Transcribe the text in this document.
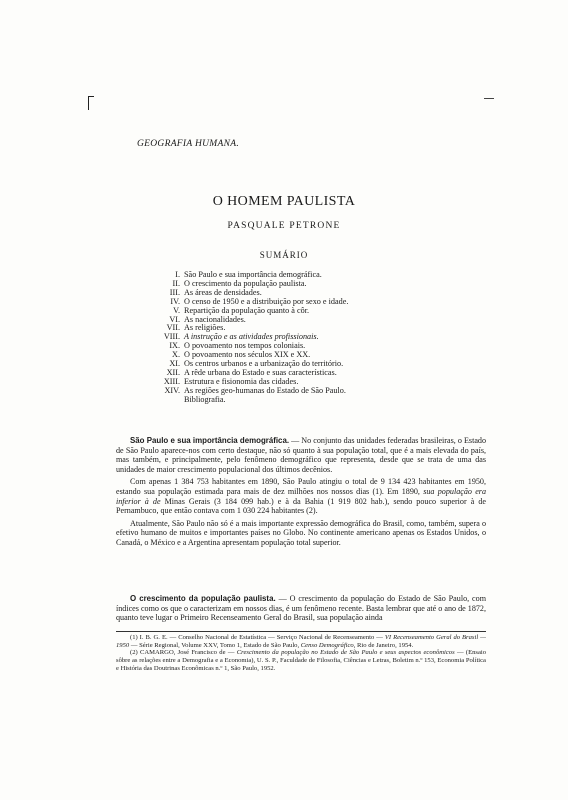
GEOGRAFIA HUMANA.
O HOMEM PAULISTA
PASQUALE PETRONE
SUMÁRIO
I. São Paulo e sua importância demográfica.
II. O crescimento da população paulista.
III. As áreas de densidades.
IV. O censo de 1950 e a distribuição por sexo e idade.
V. Repartição da população quanto à côr.
VI. As nacionalidades.
VII. As religiões.
VIII. A instrução e as atividades profissionais.
IX. O povoamento nos tempos coloniais.
X. O povoamento nos séculos XIX e XX.
XI. Os centros urbanos e a urbanização do território.
XII. A rêde urbana do Estado e suas características.
XIII. Estrutura e fisionomia das cidades.
XIV. As regiões geo-humanas do Estado de São Paulo.
Bibliografia.

São Paulo e sua importância demográfica. — No conjunto das unidades federadas brasileiras, o Estado de São Paulo aparece-nos com certo destaque, não só quanto à sua população total, que é a mais elevada do país, mas também, e principalmente, pelo fenômeno demográfico que representa, desde que se trata de uma das unidades de maior crescimento populacional dos últimos decênios.

Com apenas 1 384 753 habitantes em 1890, São Paulo atingiu o total de 9 134 423 habitantes em 1950, estando sua população estimada para mais de dez milhões nos nossos dias (1). Em 1890, sua população era inferior à de Minas Gerais (3 184 099 hab.) e à da Bahia (1 919 802 hab.), sendo pouco superior à de Pernambuco, que então contava com 1 030 224 habitantes (2).

Atualmente, São Paulo não só é a mais importante expressão demográfica do Brasil, como, também, supera o efetivo humano de muitos e importantes países no Globo. No continente americano apenas os Estados Unidos, o Canadá, o México e a Argentina apresentam população total superior.

O crescimento da população paulista. — O crescimento da população do Estado de São Paulo, com índices como os que o caracterizam em nossos dias, é um fenômeno recente. Basta lembrar que até o ano de 1872, quanto teve lugar o Primeiro Recenseamento Geral do Brasil, sua população ainda

(1) I. B. G. E. — Conselho Nacional de Estatística — Serviço Nacional de Recenseamento — VI Recenseamento Geral do Brasil — 1950 — Série Regional, Volume XXV, Tomo 1, Estado de São Paulo, Censo Demográfico, Rio de Janeiro, 1954.

(2) CAMARGO, José Francisco de — Crescimento da população no Estado de São Paulo e seus aspectos econômicos — (Ensaio sôbre as relações entre a Demografia e a Economia), U. S. P., Faculdade de Filosofia, Ciências e Letras, Boletim n.º 153, Economia Política e História das Doutrinas Econômicas n.º 1, São Paulo, 1952.
